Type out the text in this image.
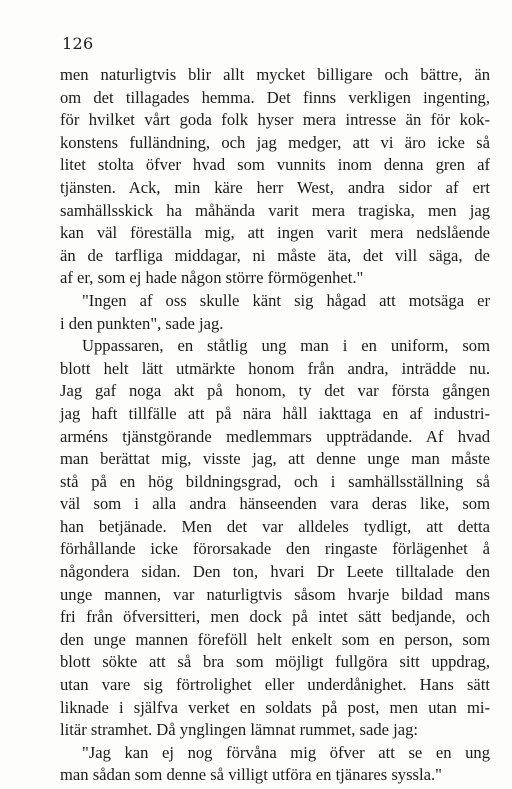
126
men naturligtvis blir allt mycket billigare och bättre, än
om det tillagades hemma. Det finns verkligen ingenting,
för hvilket vårt goda folk hyser mera intresse än för kok-
konstens fulländning, och jag medger, att vi äro icke så
litet stolta öfver hvad som vunnits inom denna gren af
tjänsten. Ack, min käre herr West, andra sidor af ert
samhällsskick ha måhända varit mera tragiska, men jag
kan väl föreställa mig, att ingen varit mera nedslående
än de tarfliga middagar, ni måste äta, det vill säga, de
af er, som ej hade någon större förmögenhet."
"Ingen af oss skulle känt sig hågad att motsäga er
i den punkten", sade jag.
Uppassaren, en ståtlig ung man i en uniform, som
blott helt lätt utmärkte honom från andra, inträdde nu.
Jag gaf noga akt på honom, ty det var första gången
jag haft tillfälle att på nära håll iakttaga en af industri-
arméns tjänstgörande medlemmars uppträdande. Af hvad
man berättat mig, visste jag, att denne unge man måste
stå på en hög bildningsgrad, och i samhällsställning så
väl som i alla andra hänseenden vara deras like, som
han betjänade. Men det var alldeles tydligt, att detta
förhållande icke förorsakade den ringaste förlägenhet å
någondera sidan. Den ton, hvari Dr Leete tilltalade den
unge mannen, var naturligtvis såsom hvarje bildad mans
fri från öfversitteri, men dock på intet sätt bedjande, och
den unge mannen föreföll helt enkelt som en person, som
blott sökte att så bra som möjligt fullgöra sitt uppdrag,
utan vare sig förtrolighet eller underdånighet. Hans sätt
liknade i själfva verket en soldats på post, men utan mi-
litär stramhet. Då ynglingen lämnat rummet, sade jag:
"Jag kan ej nog förvåna mig öfver att se en ung
man sådan som denne så villigt utföra en tjänares syssla."
